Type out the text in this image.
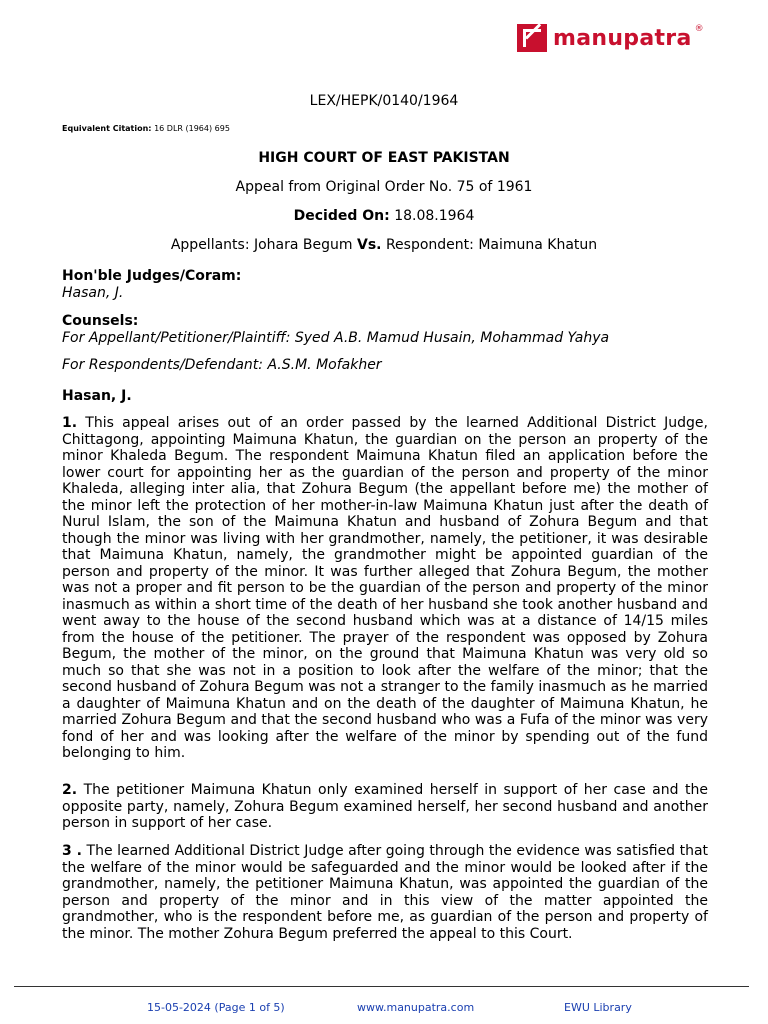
manupatra ®
LEX/HEPK/0140/1964
Equivalent Citation: 16 DLR (1964) 695
HIGH COURT OF EAST PAKISTAN
Appeal from Original Order No. 75 of 1961
Decided On: 18.08.1964
Appellants: Johara Begum Vs. Respondent: Maimuna Khatun
Hon'ble Judges/Coram:
Hasan, J.
Counsels:
For Appellant/Petitioner/Plaintiff: Syed A.B. Mamud Husain, Mohammad Yahya
For Respondents/Defendant: A.S.M. Mofakher
Hasan, J.
1. This appeal arises out of an order passed by the learned Additional District Judge, Chittagong, appointing Maimuna Khatun, the guardian on the person an property of the minor Khaleda Begum. The respondent Maimuna Khatun filed an application before the lower court for appointing her as the guardian of the person and property of the minor Khaleda, alleging inter alia, that Zohura Begum (the appellant before me) the mother of the minor left the protection of her mother-in-law Maimuna Khatun just after the death of Nurul Islam, the son of the Maimuna Khatun and husband of Zohura Begum and that though the minor was living with her grandmother, namely, the petitioner, it was desirable that Maimuna Khatun, namely, the grandmother might be appointed guardian of the person and property of the minor. It was further alleged that Zohura Begum, the mother was not a proper and fit person to be the guardian of the person and property of the minor inasmuch as within a short time of the death of her husband she took another husband and went away to the house of the second husband which was at a distance of 14/15 miles from the house of the petitioner. The prayer of the respondent was opposed by Zohura Begum, the mother of the minor, on the ground that Maimuna Khatun was very old so much so that she was not in a position to look after the welfare of the minor; that the second husband of Zohura Begum was not a stranger to the family inasmuch as he married a daughter of Maimuna Khatun and on the death of the daughter of Maimuna Khatun, he married Zohura Begum and that the second husband who was a Fufa of the minor was very fond of her and was looking after the welfare of the minor by spending out of the fund belonging to him.
2. The petitioner Maimuna Khatun only examined herself in support of her case and the opposite party, namely, Zohura Begum examined herself, her second husband and another person in support of her case.
3 . The learned Additional District Judge after going through the evidence was satisfied that the welfare of the minor would be safeguarded and the minor would be looked after if the grandmother, namely, the petitioner Maimuna Khatun, was appointed the guardian of the person and property of the minor and in this view of the matter appointed the grandmother, who is the respondent before me, as guardian of the person and property of the minor. The mother Zohura Begum preferred the appeal to this Court.
15-05-2024 (Page 1 of 5)	www.manupatra.com	EWU Library
